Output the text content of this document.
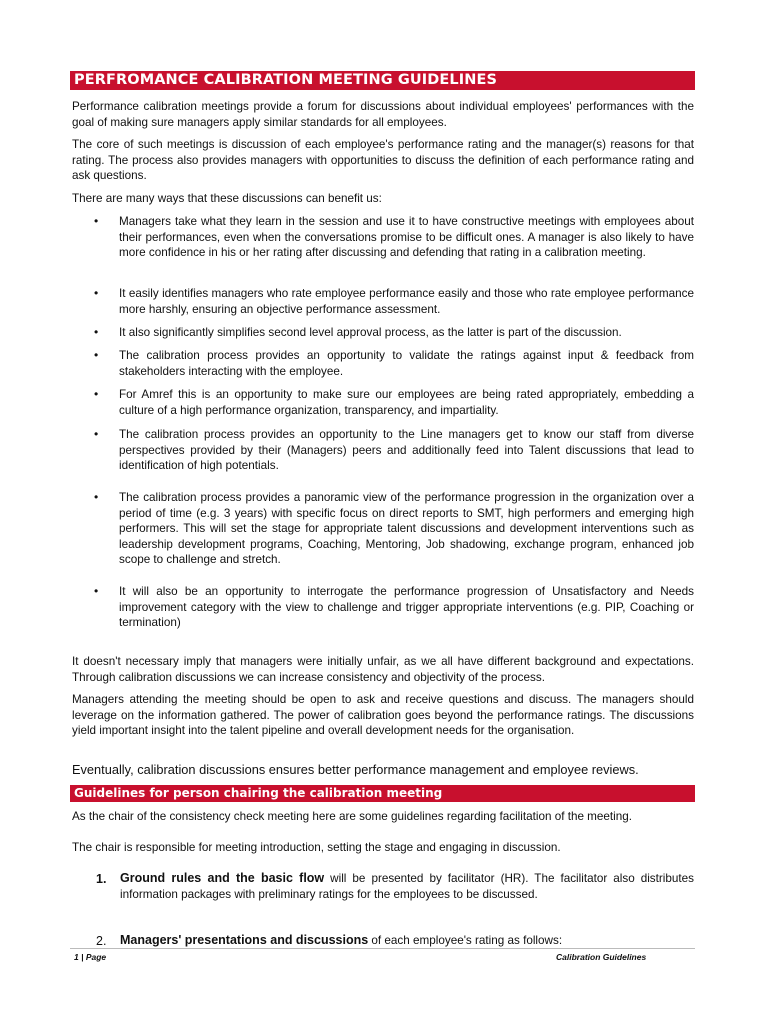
PERFROMANCE CALIBRATION MEETING GUIDELINES

Performance calibration meetings provide a forum for discussions about individual employees' performances with the goal of making sure managers apply similar standards for all employees.

The core of such meetings is discussion of each employee's performance rating and the manager(s) reasons for that rating. The process also provides managers with opportunities to discuss the definition of each performance rating and ask questions.

There are many ways that these discussions can benefit us:

• Managers take what they learn in the session and use it to have constructive meetings with employees about their performances, even when the conversations promise to be difficult ones. A manager is also likely to have more confidence in his or her rating after discussing and defending that rating in a calibration meeting.
• It easily identifies managers who rate employee performance easily and those who rate employee performance more harshly, ensuring an objective performance assessment.
• It also significantly simplifies second level approval process, as the latter is part of the discussion.
• The calibration process provides an opportunity to validate the ratings against input & feedback from stakeholders interacting with the employee.
• For Amref this is an opportunity to make sure our employees are being rated appropriately, embedding a culture of a high performance organization, transparency, and impartiality.
• The calibration process provides an opportunity to the Line managers get to know our staff from diverse perspectives provided by their (Managers) peers and additionally feed into Talent discussions that lead to identification of high potentials.
• The calibration process provides a panoramic view of the performance progression in the organization over a period of time (e.g. 3 years) with specific focus on direct reports to SMT, high performers and emerging high performers. This will set the stage for appropriate talent discussions and development interventions such as leadership development programs, Coaching, Mentoring, Job shadowing, exchange program, enhanced job scope to challenge and stretch.
• It will also be an opportunity to interrogate the performance progression of Unsatisfactory and Needs improvement category with the view to challenge and trigger appropriate interventions (e.g. PIP, Coaching or termination)

It doesn't necessary imply that managers were initially unfair, as we all have different background and expectations. Through calibration discussions we can increase consistency and objectivity of the process.

Managers attending the meeting should be open to ask and receive questions and discuss. The managers should leverage on the information gathered. The power of calibration goes beyond the performance ratings. The discussions yield important insight into the talent pipeline and overall development needs for the organisation.

Eventually, calibration discussions ensures better performance management and employee reviews.

Guidelines for person chairing the calibration meeting

As the chair of the consistency check meeting here are some guidelines regarding facilitation of the meeting.

The chair is responsible for meeting introduction, setting the stage and engaging in discussion.

1. Ground rules and the basic flow will be presented by facilitator (HR). The facilitator also distributes information packages with preliminary ratings for the employees to be discussed.
2. Managers' presentations and discussions of each employee's rating as follows:
1 | Page	Calibration Guidelines
